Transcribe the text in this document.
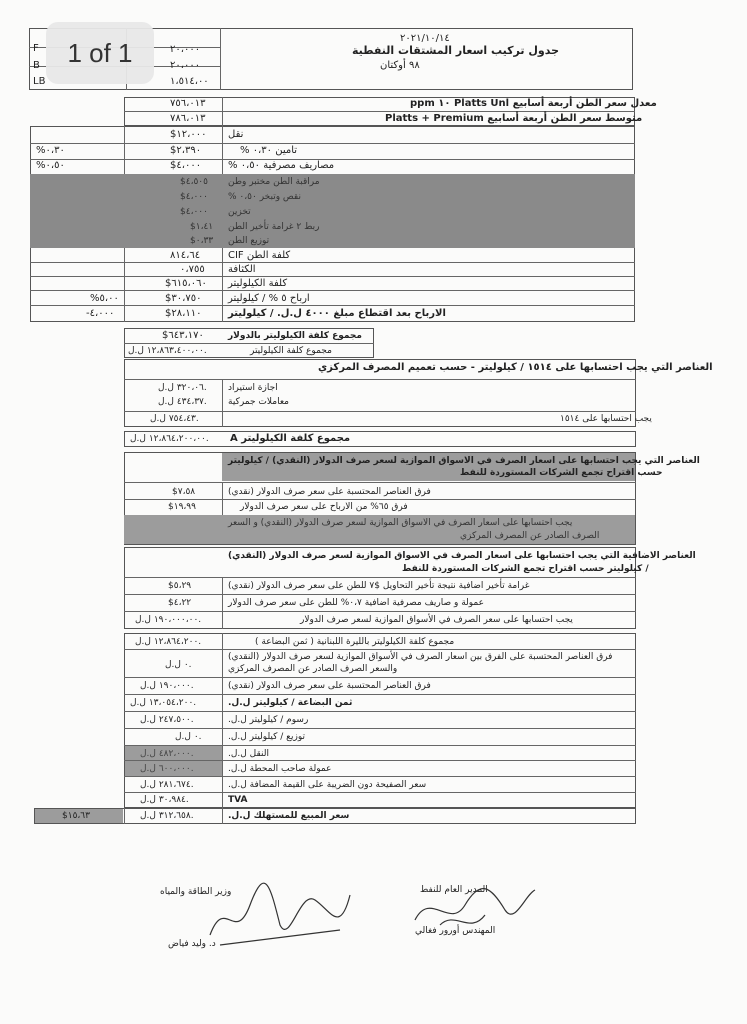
1 of 1
F
B
LB
٢٠،٠٠٠
٢٠،٠٠٠
١،٥١٤،٠٠
٢٠٢١/١٠/١٤
جدول تركيب اسعار المشتقات النفطية
٩٨ أوكتان
معدل سعر الطن أربعة أسابيع Platts Unl ١٠ ppm
٧٥٦،٠١٣
متوسط سعر الطن أربعة أسابيع Platts + Premium
٧٨٦،٠١٣
نقل
$١٢،٠٠٠
تامين ٠،٣٠ %
$٢،٣٩٠
%٠،٣٠
مصاريف مصرفية ٠،٥٠ %
$٤،٠٠٠
%٠،٥٠
مراقبة الطن مختبر وطن
$٤،٥٠٥
نقص وتبخر ٠،٥٠ %
$٤،٠٠٠
تخزين
$٤،٠٠٠
ربط ٢ غرامة تأخير الطن
$١،٤١
توزيع الطن
$٠،٣٣
كلفة الطن CIF
٨١٤،٦٤
الكثافة
٠،٧٥٥
كلفة الكيلوليتر
$٦١٥،٠٦٠
ارباح ٥ % / كيلوليتر
$٣٠،٧٥٠
%٥،٠٠
الارباح بعد اقتطاع مبلغ ٤٠٠٠ ل.ل. / كيلوليتر
$٢٨،١١٠
-٤،٠٠٠
مجموع كلفة الكيلوليتر بالدولار
$٦٤٣،١٧٠
مجموع كلفة الكيلوليتر
١٢،٨٦٣،٤٠٠،٠٠ ل.ل.
العناصر التي يجب احتسابها على ١٥١٤ / كيلوليتر - حسب تعميم المصرف المركزي
اجازة استيراد
٣٢٠،٠٦ ل.ل.
معاملات جمركية
٤٣٤،٣٧ ل.ل.
يجب احتسابها على ١٥١٤
٧٥٤،٤٣ ل.ل.
مجموع كلفة الكيلوليتر A
١٢،٨٦٤،٢٠٠،٠٠ ل.ل.
العناصر التي يجب احتسابها على اسعار الصرف في الاسواق الموازية لسعر صرف الدولار (النقدي) / كيلوليتر
حسب اقتراح تجمع الشركات المستوردة للنفط
فرق العناصر المحتسبة على سعر صرف الدولار (نقدي)
$٧،٥٨
فرق ٦٥% من الارباح على سعر صرف الدولار
$١٩،٩٩
يجب احتسابها على اسعار الصرف في الاسواق الموازية لسعر صرف الدولار (النقدي) و السعر
الصرف الصادر عن المصرف المركزي
العناصر الاضافية التي يجب احتسابها على اسعار الصرف في الاسواق الموازية لسعر صرف الدولار (النقدي)
/ كيلوليتر حسب اقتراح تجمع الشركات المستوردة للنفط
غرامة تأخير اضافية نتيجة تأخير التحاويل $٧ للطن على سعر صرف الدولار (نقدي)
$٥،٢٩
عمولة و صاريف مصرفية اضافية ٠،٧% للطن على سعر صرف الدولار
$٤،٢٢
يجب احتسابها على سعر الصرف في الأسواق الموازية لسعر صرف الدولار
١٩٠،٠٠٠،٠٠ ل.ل.
مجموع كلفة الكيلوليتر بالليرة اللبنانية ( ثمن البضاعة )
١٢،٨٦٤،٢٠٠ ل.ل.
فرق العناصر المحتسبة على الفرق بين اسعار الصرف في الأسواق الموازية لسعر صرف الدولار (النقدي)
والسعر الصرف الصادر عن المصرف المركزي
٠ ل.ل.
فرق العناصر المحتسبة على سعر صرف الدولار (نقدي)
١٩٠،٠٠٠ ل.ل.
ثمن البضاعة / كيلوليتر ل.ل.
١٣،٠٥٤،٢٠٠ ل.ل.
رسوم / كيلوليتر ل.ل.
٢٤٧،٥٠٠ ل.ل.
توزيع / كيلوليتر ل.ل.
٠ ل.ل.
النقل ل.ل.
٤٨٢،٠٠٠ ل.ل.
عمولة صاحب المحطة ل.ل.
٦٠٠،٠٠٠ ل.ل.
سعر الصفيحة دون الضريبة على القيمة المضافة ل.ل.
٢٨١،٦٧٤ ل.ل.
TVA
٣٠،٩٨٤ ل.ل.
سعر المبيع للمستهلك ل.ل.
٣١٢،٦٥٨ ل.ل.
$١٥،٦٣
المدير العام للنفط
المهندس أورور فغالي
وزير الطاقة والمياه
د. وليد فياض
